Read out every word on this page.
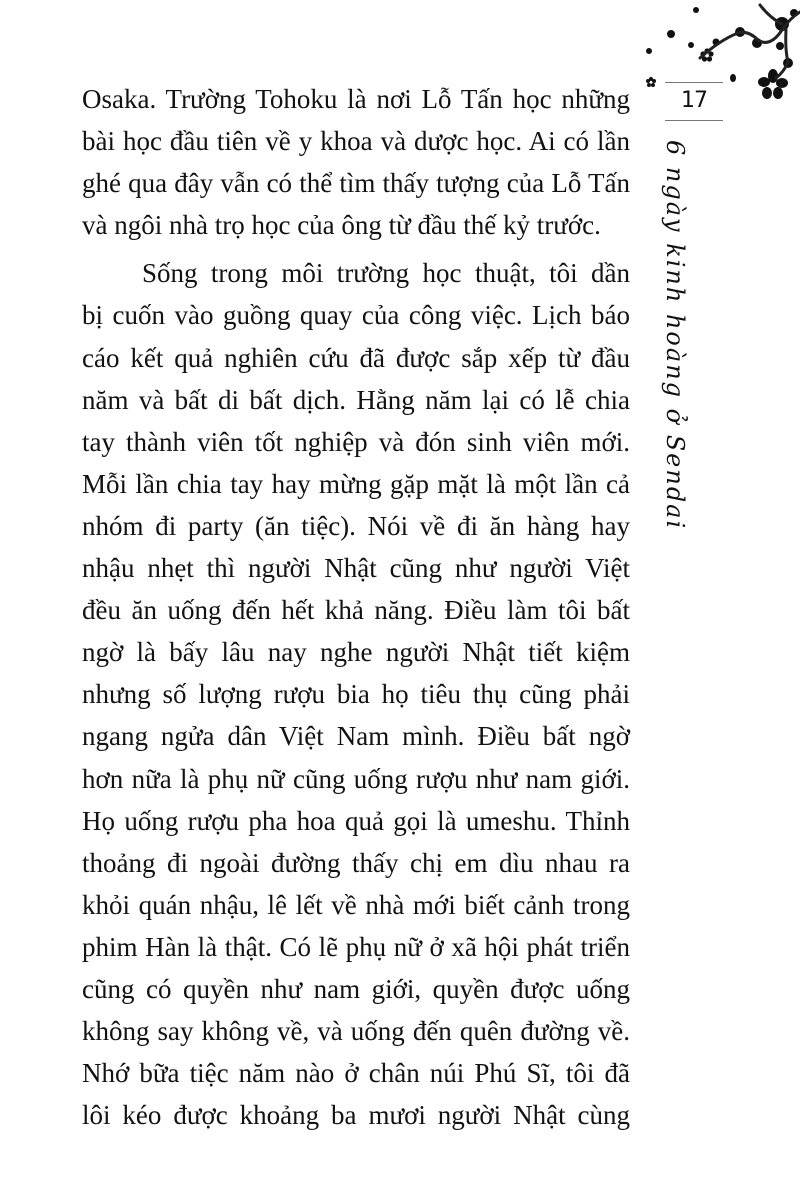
17
6 ngày kinh hoàng ở Sendai
Osaka. Trường Tohoku là nơi Lỗ Tấn học những
bài học đầu tiên về y khoa và dược học. Ai có lần
ghé qua đây vẫn có thể tìm thấy tượng của Lỗ Tấn
và ngôi nhà trọ học của ông từ đầu thế kỷ trước.
Sống trong môi trường học thuật, tôi dần
bị cuốn vào guồng quay của công việc. Lịch báo
cáo kết quả nghiên cứu đã được sắp xếp từ đầu
năm và bất di bất dịch. Hằng năm lại có lễ chia
tay thành viên tốt nghiệp và đón sinh viên mới.
Mỗi lần chia tay hay mừng gặp mặt là một lần cả
nhóm đi party (ăn tiệc). Nói về đi ăn hàng hay
nhậu nhẹt thì người Nhật cũng như người Việt
đều ăn uống đến hết khả năng. Điều làm tôi bất
ngờ là bấy lâu nay nghe người Nhật tiết kiệm
nhưng số lượng rượu bia họ tiêu thụ cũng phải
ngang ngửa dân Việt Nam mình. Điều bất ngờ
hơn nữa là phụ nữ cũng uống rượu như nam giới.
Họ uống rượu pha hoa quả gọi là umeshu. Thỉnh
thoảng đi ngoài đường thấy chị em dìu nhau ra
khỏi quán nhậu, lê lết về nhà mới biết cảnh trong
phim Hàn là thật. Có lẽ phụ nữ ở xã hội phát triển
cũng có quyền như nam giới, quyền được uống
không say không về, và uống đến quên đường về.
Nhớ bữa tiệc năm nào ở chân núi Phú Sĩ, tôi đã
lôi kéo được khoảng ba mươi người Nhật cùng
